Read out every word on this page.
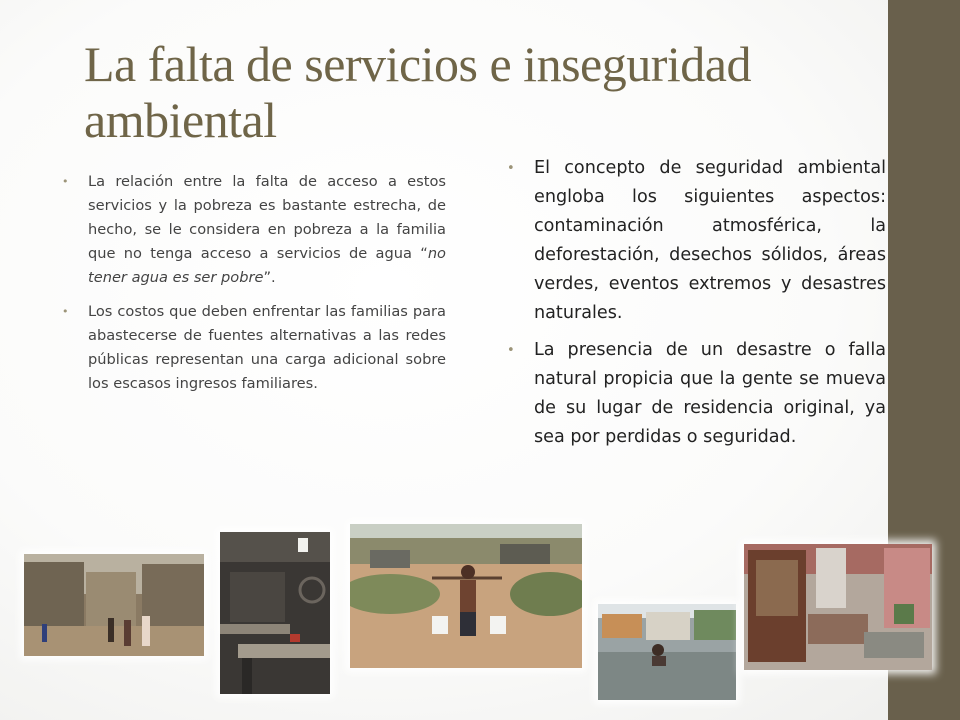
La falta de servicios e inseguridad ambiental
• La relación entre la falta de acceso a estos servicios y la pobreza es bastante estrecha, de hecho, se le considera en pobreza a la familia que no tenga acceso a servicios de agua “no tener agua es ser pobre”.
• Los costos que deben enfrentar las familias para abastecerse de fuentes alternativas a las redes públicas representan una carga adicional sobre los escasos ingresos familiares.
• El concepto de seguridad ambiental engloba los siguientes aspectos: contaminación atmosférica, la deforestación, desechos sólidos, áreas verdes, eventos extremos y desastres naturales.
• La presencia de un desastre o falla natural propicia que la gente se mueva de su lugar de residencia original, ya sea por perdidas o seguridad.
